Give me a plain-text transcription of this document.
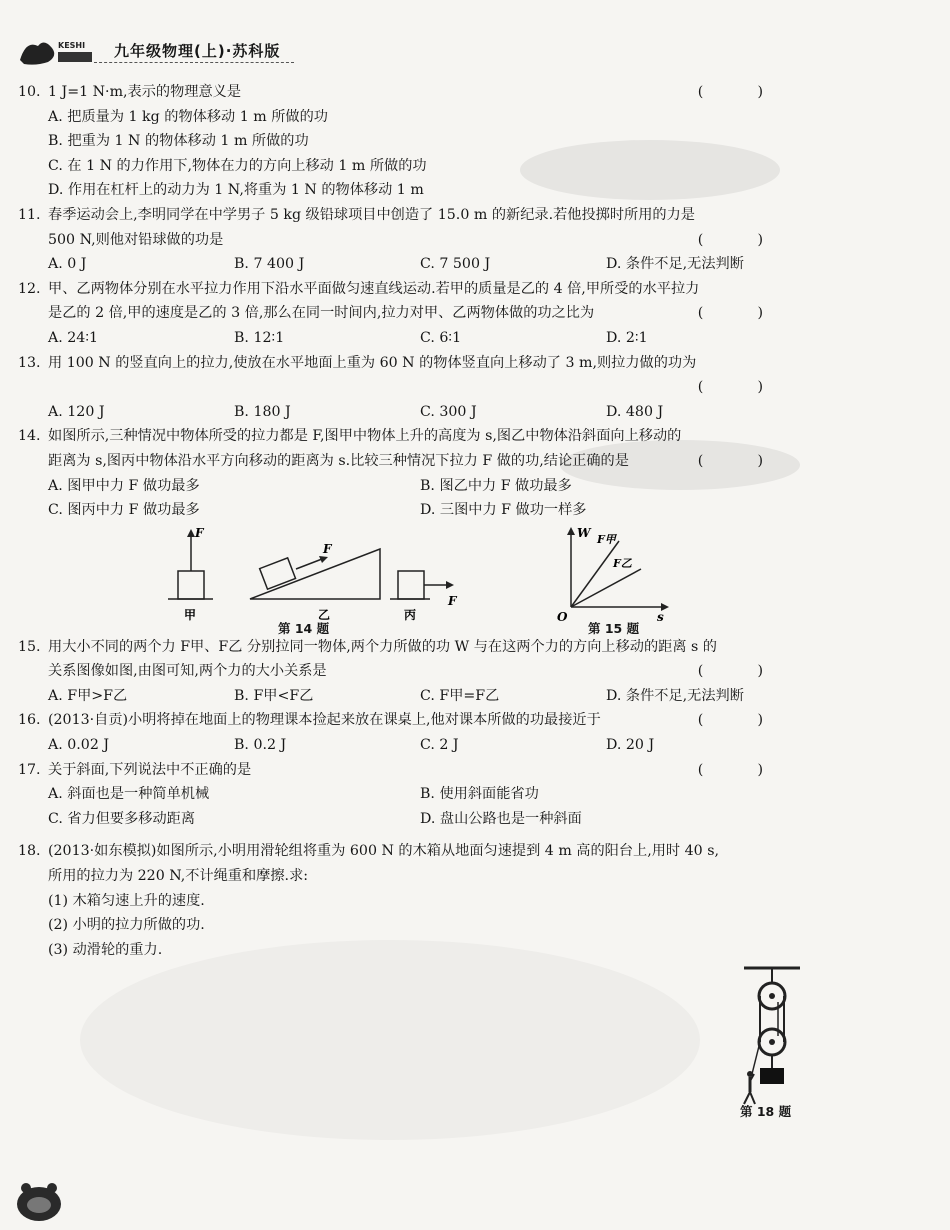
KESHI 九年级物理(上)·苏科版
10. 1 J=1 N·m,表示的物理意义是	(　)
A. 把质量为 1 kg 的物体移动 1 m 所做的功
B. 把重为 1 N 的物体移动 1 m 所做的功
C. 在 1 N 的力作用下,物体在力的方向上移动 1 m 所做的功
D. 作用在杠杆上的动力为 1 N,将重为 1 N 的物体移动 1 m
11. 春季运动会上,李明同学在中学男子 5 kg 级铅球项目中创造了 15.0 m 的新纪录.若他投掷时所用的力是
500 N,则他对铅球做的功是	(　)
A. 0 J	B. 7 400 J	C. 7 500 J	D. 条件不足,无法判断
12. 甲、乙两物体分别在水平拉力作用下沿水平面做匀速直线运动.若甲的质量是乙的 4 倍,甲所受的水平拉力
是乙的 2 倍,甲的速度是乙的 3 倍,那么在同一时间内,拉力对甲、乙两物体做的功之比为	(　)
A. 24∶1	B. 12∶1	C. 6∶1	D. 2∶1
13. 用 100 N 的竖直向上的拉力,使放在水平地面上重为 60 N 的物体竖直向上移动了 3 m,则拉力做的功为
(　)
A. 120 J	B. 180 J	C. 300 J	D. 480 J
14. 如图所示,三种情况中物体所受的拉力都是 F,图甲中物体上升的高度为 s,图乙中物体沿斜面向上移动的
距离为 s,图丙中物体沿水平方向移动的距离为 s.比较三种情况下拉力 F 做的功,结论正确的是	(　)
A. 图甲中力 F 做功最多	B. 图乙中力 F 做功最多
C. 图丙中力 F 做功最多	D. 三图中力 F 做功一样多
F
F
F
甲	乙	丙
W
s
O
F甲
F乙
第 14 题	第 15 题
15. 用大小不同的两个力 F甲、F乙 分别拉同一物体,两个力所做的功 W 与在这两个力的方向上移动的距离 s 的
关系图像如图,由图可知,两个力的大小关系是	(　)
A. F甲>F乙	B. F甲<F乙	C. F甲=F乙	D. 条件不足,无法判断
16. (2013·自贡)小明将掉在地面上的物理课本捡起来放在课桌上,他对课本所做的功最接近于	(　)
A. 0.02 J	B. 0.2 J	C. 2 J	D. 20 J
17. 关于斜面,下列说法中不正确的是	(　)
A. 斜面也是一种简单机械	B. 使用斜面能省功
C. 省力但要多移动距离	D. 盘山公路也是一种斜面
18. (2013·如东模拟)如图所示,小明用滑轮组将重为 600 N 的木箱从地面匀速提到 4 m 高的阳台上,用时 40 s,
所用的拉力为 220 N,不计绳重和摩擦.求:
(1) 木箱匀速上升的速度.
(2) 小明的拉力所做的功.
(3) 动滑轮的重力.
第 18 题
